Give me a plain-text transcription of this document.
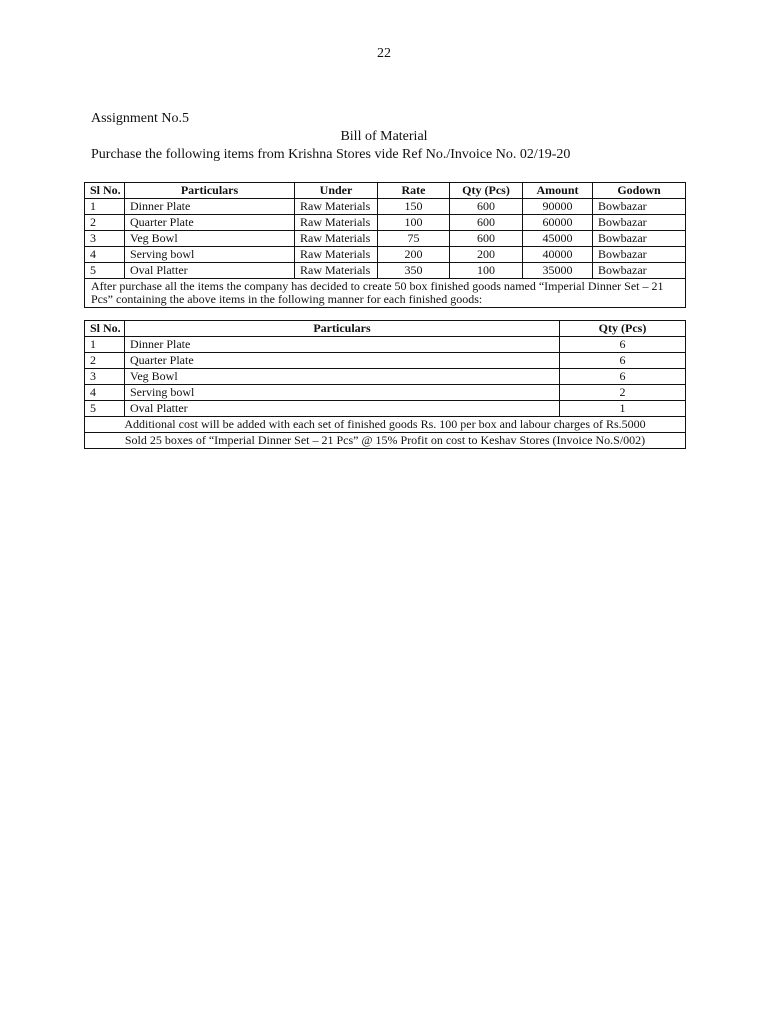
22
Assignment No.5
Bill of Material
Purchase the following items from Krishna Stores vide Ref No./Invoice No. 02/19-20
Sl No.	Particulars	Under	Rate	Qty (Pcs)	Amount	Godown
1	Dinner Plate	Raw Materials	150	600	90000	Bowbazar
2	Quarter Plate	Raw Materials	100	600	60000	Bowbazar
3	Veg Bowl	Raw Materials	75	600	45000	Bowbazar
4	Serving bowl	Raw Materials	200	200	40000	Bowbazar
5	Oval Platter	Raw Materials	350	100	35000	Bowbazar
After purchase all the items the company has decided to create 50 box finished goods named “Imperial Dinner Set – 21 Pcs” containing the above items in the following manner for each finished goods:						
Sl No.	Particulars	Qty (Pcs)
1	Dinner Plate	6
2	Quarter Plate	6
3	Veg Bowl	6
4	Serving bowl	2
5	Oval Platter	1
Additional cost will be added with each set of finished goods Rs. 100 per box and labour charges of Rs.5000		
Sold 25 boxes of “Imperial Dinner Set – 21 Pcs” @ 15% Profit on cost to Keshav Stores (Invoice No.S/002)		
